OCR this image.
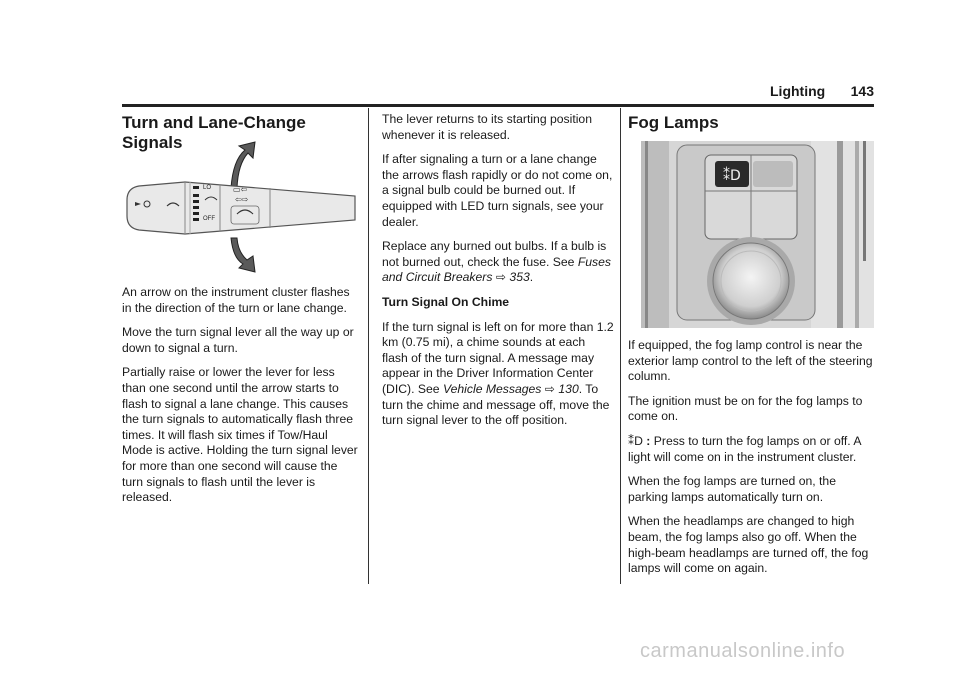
Lighting 143
Turn and Lane-Change Signals
LO
OFF
▭⇦
⇦⇨

An arrow on the instrument cluster flashes in the direction of the turn or lane change.

Move the turn signal lever all the way up or down to signal a turn.

Partially raise or lower the lever for less than one second until the arrow starts to flash to signal a lane change. This causes the turn signals to automatically flash three times. It will flash six times if Tow/Haul Mode is active. Holding the turn signal lever for more than one second will cause the turn signals to flash until the lever is released.

The lever returns to its starting position whenever it is released.

If after signaling a turn or a lane change the arrows flash rapidly or do not come on, a signal bulb could be burned out. If equipped with LED turn signals, see your dealer.

Replace any burned out bulbs. If a bulb is not burned out, check the fuse. See Fuses and Circuit Breakers ⇨ 353.

Turn Signal On Chime

If the turn signal is left on for more than 1.2 km (0.75 mi), a chime sounds at each flash of the turn signal. A message may appear in the Driver Information Center (DIC). See Vehicle Messages ⇨ 130. To turn the chime and message off, move the turn signal lever to the off position.

Fog Lamps
⁑D

If equipped, the fog lamp control is near the exterior lamp control to the left of the steering column.

The ignition must be on for the fog lamps to come on.

⁑D : Press to turn the fog lamps on or off. A light will come on in the instrument cluster.

When the fog lamps are turned on, the parking lamps automatically turn on.

When the headlamps are changed to high beam, the fog lamps also go off. When the high-beam headlamps are turned off, the fog lamps will come on again.

carmanualsonline.info
